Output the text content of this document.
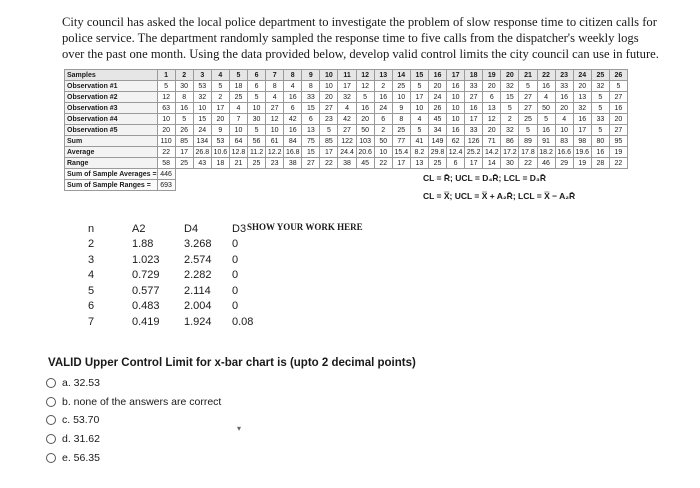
City council has asked the local police department to investigate the problem of slow response time to citizen calls for police service. The department randomly sampled the response time to five calls from the dispatcher's weekly logs over the past one month. Using the data provided below, develop valid control limits the city council can use in future.

Samples	1	2	3	4	5	6	7	8	9	10	11	12	13	14	15	16	17	18	19	20	21	22	23	24	25	26
Observation #1	5	30	53	5	18	6	8	4	8	10	17	12	2	25	5	20	16	33	20	32	5	16	33	20	32	5
Observation #2	12	8	32	2	25	5	4	16	33	20	32	5	16	10	17	24	10	27	6	15	27	4	16	13	5	27
Observation #3	63	16	10	17	4	10	27	6	15	27	4	16	24	9	10	26	10	16	13	5	27	50	20	32	5	16
Observation #4	10	5	15	20	7	30	12	42	6	23	42	20	6	8	4	45	10	17	12	2	25	5	4	16	33	20
Observation #5	20	26	24	9	10	5	10	16	13	5	27	50	2	25	5	34	16	33	20	32	5	16	10	17	5	27
Sum	110	85	134	53	64	56	61	84	75	85	122	103	50	77	41	149	62	126	71	86	89	91	83	98	80	95
Average	22	17	26.8	10.6	12.8	11.2	12.2	16.8	15	17	24.4	20.6	10	15.4	8.2	29.8	12.4	25.2	14.2	17.2	17.8	18.2	16.6	19.6	16	19
Range	58	25	43	18	21	25	23	38	27	22	38	45	22	17	13	25	6	17	14	30	22	46	29	19	28	22
Sum of Sample Averages =	446																									
Sum of Sample Ranges =	693																									
CL = R̄; UCL = D₄R̄; LCL = D₃R̄
CL = X̿; UCL = X̿ + A₂R̄; LCL = X̿ − A₂R̄
n	A2	D4	D3
2	1.88	3.268	0
3	1.023	2.574	0
4	0.729	2.282	0
5	0.577	2.114	0
6	0.483	2.004	0
7	0.419	1.924	0.08
SHOW YOUR WORK HERE
VALID Upper Control Limit for x-bar chart is (upto 2 decimal points)
a. 32.53
b. none of the answers are correct
c. 53.70
d. 31.62
e. 56.35
▾
